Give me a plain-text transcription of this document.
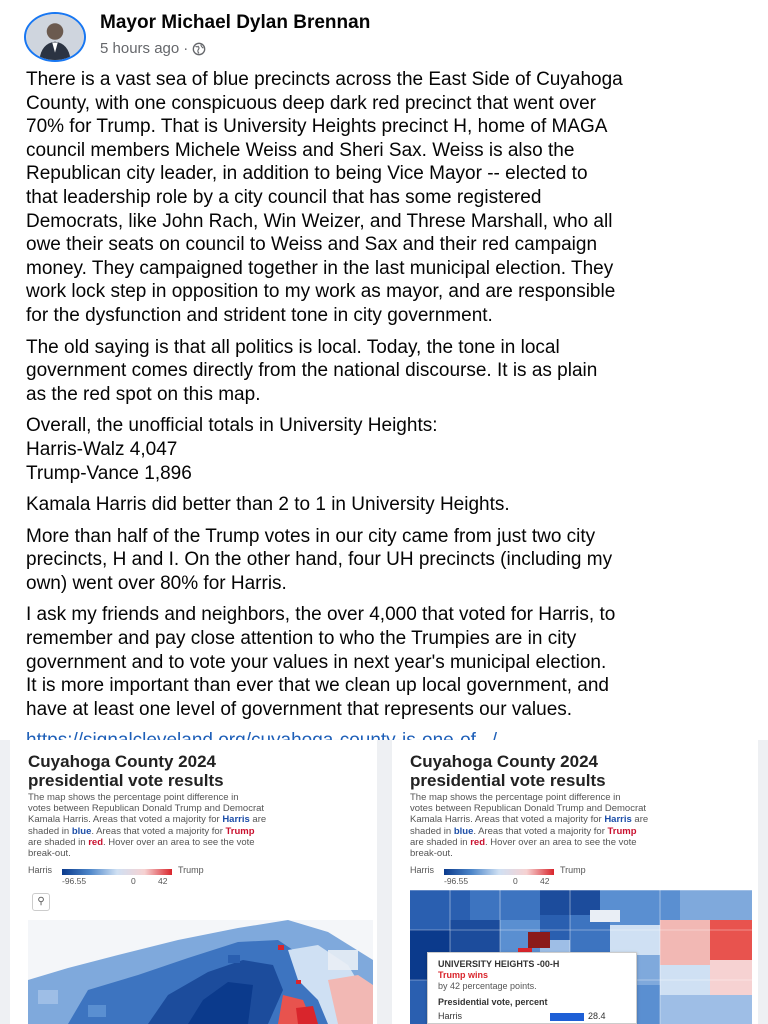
Mayor Michael Dylan Brennan
5 hours ago ·

There is a vast sea of blue precincts across the East Side of Cuyahoga
County, with one conspicuous deep dark red precinct that went over
70% for Trump. That is University Heights precinct H, home of MAGA
council members Michele Weiss and Sheri Sax. Weiss is also the
Republican city leader, in addition to being Vice Mayor -- elected to
that leadership role by a city council that has some registered
Democrats, like John Rach, Win Weizer, and Threse Marshall, who all
owe their seats on council to Weiss and Sax and their red campaign
money. They campaigned together in the last municipal election. They
work lock step in opposition to my work as mayor, and are responsible
for the dysfunction and strident tone in city government.

The old saying is that all politics is local. Today, the tone in local
government comes directly from the national discourse. It is as plain
as the red spot on this map.

Overall, the unofficial totals in University Heights:
Harris-Walz 4,047
Trump-Vance 1,896

Kamala Harris did better than 2 to 1 in University Heights.

More than half of the Trump votes in our city came from just two city
precincts, H and I. On the other hand, four UH precincts (including my
own) went over 80% for Harris.

I ask my friends and neighbors, the over 4,000 that voted for Harris, to
remember and pay close attention to who the Trumpies are in city
government and to vote your values in next year's municipal election.
It is more important than ever that we clean up local government, and
have at least one level of government that represents our values.

Cuyahoga County 2024
presidential vote results
The map shows the percentage point difference in
votes between Republican Donald Trump and Democrat
Kamala Harris. Areas that voted a majority for Harris are
shaded in blue. Areas that voted a majority for Trump
are shaded in red. Hover over an area to see the vote
break-out.
Harris	Trump
-96.55	0	42
⚲
Cuyahoga County 2024
presidential vote results
The map shows the percentage point difference in
votes between Republican Donald Trump and Democrat
Kamala Harris. Areas that voted a majority for Harris are
shaded in blue. Areas that voted a majority for Trump
are shaded in red. Hover over an area to see the vote
break-out.
Harris	Trump
-96.55	0	42
UNIVERSITY HEIGHTS -00-H
Trump wins
by 42 percentage points.
Presidential vote, percent
Harris	28.4
